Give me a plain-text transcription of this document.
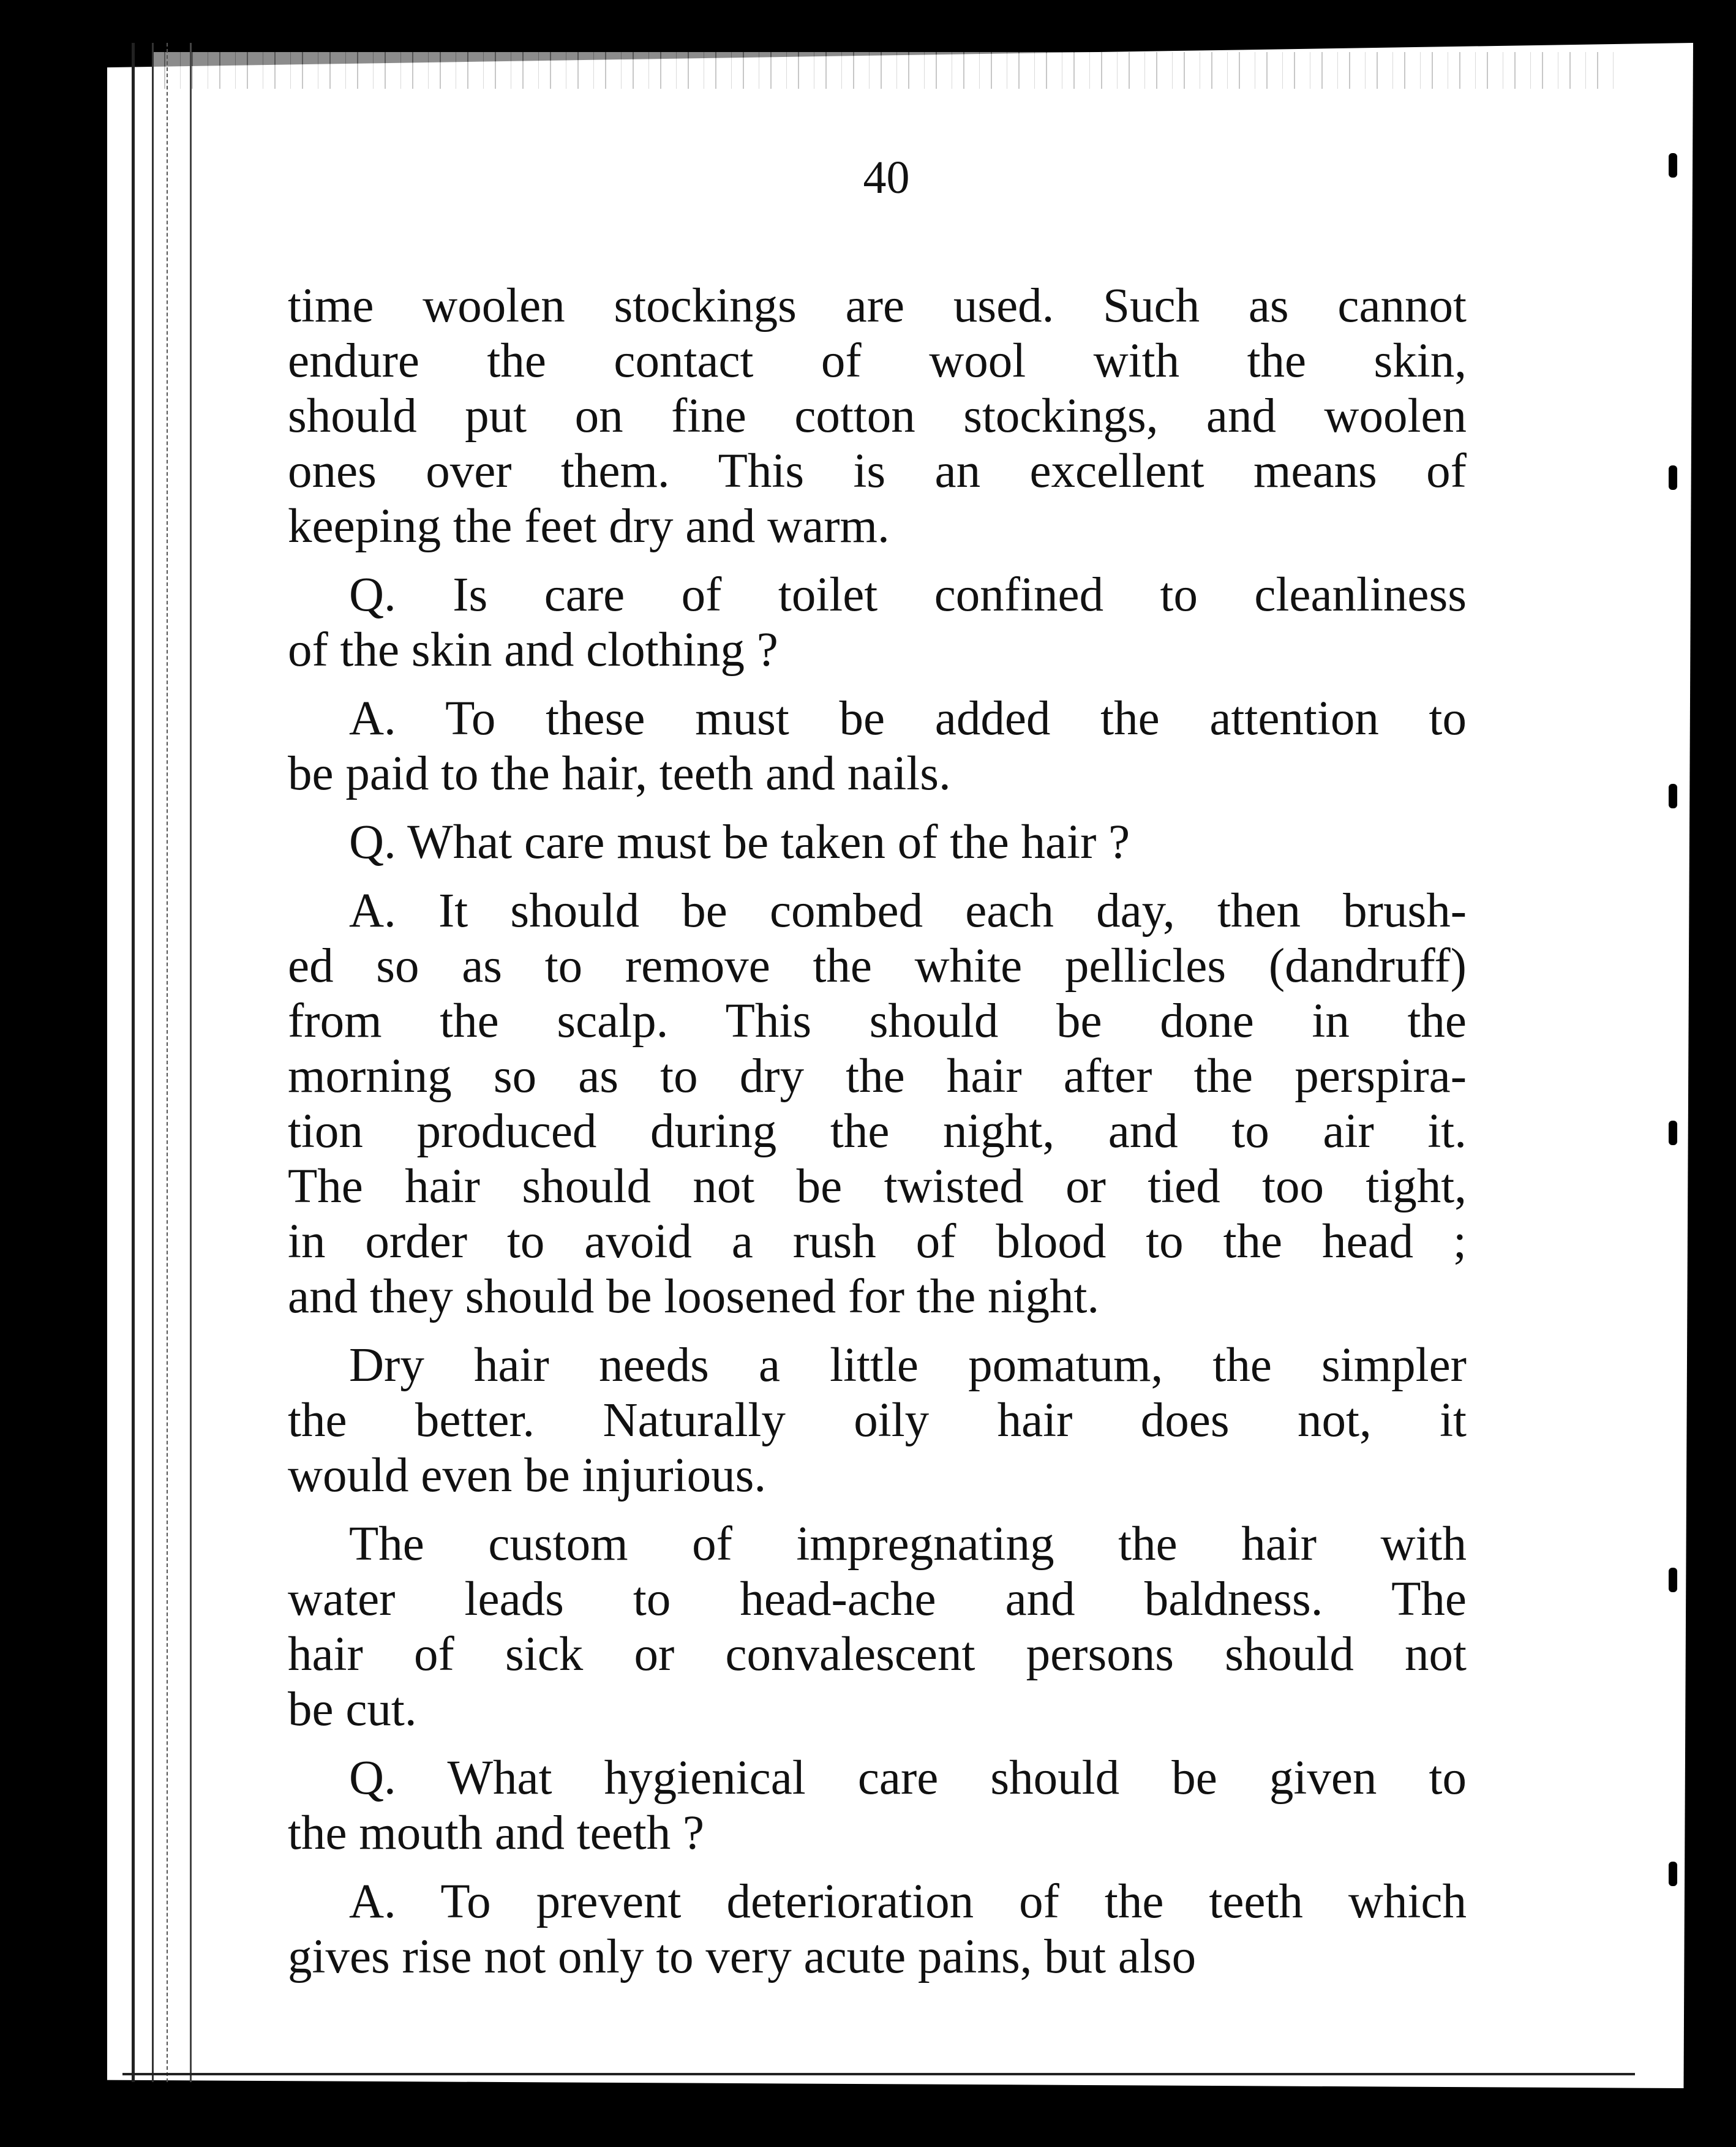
40

time woolen stockings are used. Such as cannot
endure the contact of wool with the skin,
should put on fine cotton stockings, and woolen
ones over them. This is an excellent means of
keeping the feet dry and warm.

Q. Is care of toilet confined to cleanliness
of the skin and clothing ?

A. To these must be added the attention to
be paid to the hair, teeth and nails.

Q. What care must be taken of the hair ?

A. It should be combed each day, then brush-
ed so as to remove the white pellicles (dandruff)
from the scalp. This should be done in the
morning so as to dry the hair after the perspira-
tion produced during the night, and to air it.
The hair should not be twisted or tied too tight,
in order to avoid a rush of blood to the head ;
and they should be loosened for the night.

Dry hair needs a little pomatum, the simpler
the better. Naturally oily hair does not, it
would even be injurious.

The custom of impregnating the hair with
water leads to head-ache and baldness. The
hair of sick or convalescent persons should not
be cut.

Q. What hygienical care should be given to
the mouth and teeth ?

A. To prevent deterioration of the teeth which
gives rise not only to very acute pains, but also
